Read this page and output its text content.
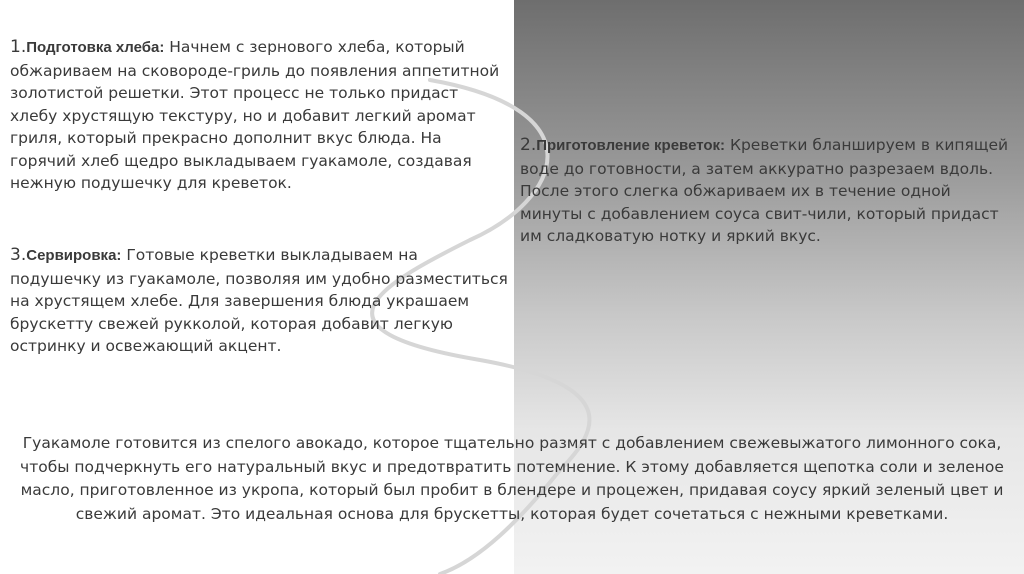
1.Подготовка хлеба: Начнем с зернового хлеба, который обжариваем на сковороде-гриль до появления аппетитной золотистой решетки. Этот процесс не только придаст хлебу хрустящую текстуру, но и добавит легкий аромат гриля, который прекрасно дополнит вкус блюда. На горячий хлеб щедро выкладываем гуакамоле, создавая нежную подушечку для креветок.
2.Приготовление креветок: Креветки бланшируем в кипящей воде до готовности, а затем аккуратно разрезаем вдоль. После этого слегка обжариваем их в течение одной минуты с добавлением соуса свит-чили, который придаст им сладковатую нотку и яркий вкус.
3.Сервировка: Готовые креветки выкладываем на подушечку из гуакамоле, позволяя им удобно разместиться на хрустящем хлебе. Для завершения блюда украшаем брускетту свежей рукколой, которая добавит легкую остринку и освежающий акцент.
Гуакамоле готовится из спелого авокадо, которое тщательно размят с добавлением свежевыжатого лимонного сока, чтобы подчеркнуть его натуральный вкус и предотвратить потемнение. К этому добавляется щепотка соли и зеленое масло, приготовленное из укропа, который был пробит в блендере и процежен, придавая соусу яркий зеленый цвет и свежий аромат. Это идеальная основа для брускетты, которая будет сочетаться с нежными креветками.
